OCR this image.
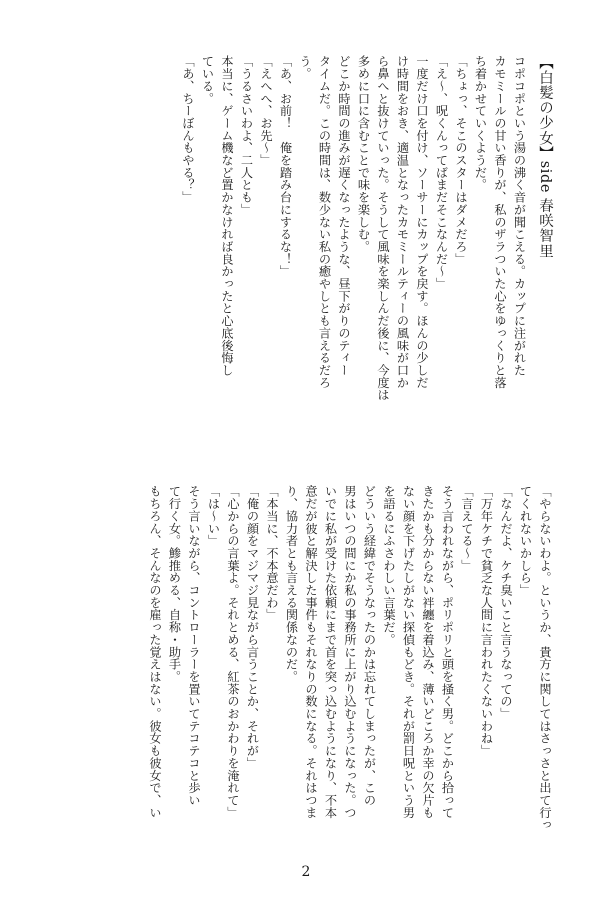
【白髪の少女】side 春咲智里
コポコポという湯の沸く音が聞こえる。カップに注がれた
カモミールの甘い香りが、私のザラついた心をゆっくりと落
ち着かせていくようだ。
「ちょっ、そこのスターはダメだろ」
「え〜、呪くんってばまだそこなんだ〜」
一度だけ口を付け、ソーサーにカップを戻す。ほんの少しだ
け時間をおき、適温となったカモミールティーの風味が口か
ら鼻へと抜けていった。そうして風味を楽しんだ後に、今度は
多めに口に含むことで味を楽しむ。
どこか時間の進みが遅くなったような、昼下がりのティー
タイムだ。この時間は、数少ない私の癒やしとも言えるだろ
う。
「あ、お前！　俺を踏み台にするな！」
「えへへ、お先〜」
「うるさいわよ、二人とも」
本当に、ゲーム機など置かなければ良かったと心底後悔し
ている。
「あ、ちーぼんもやる？」
「やらないわよ。というか、貴方に関してはさっさと出て行っ
てくれないかしら」
「なんだよ、ケチ臭いこと言うなっての」
「万年ケチで貧乏な人間に言われたくないわね」
「言えてる〜」
そう言われながら、ポリポリと頭を掻く男。どこから拾って
きたかも分からない袢纏を着込み、薄いどころか幸の欠片も
ない顔を下げたしがない探偵もどき。それが罰日呪という男
を語るにふさわしい言葉だ。
どういう経緯でそうなったのかは忘れてしまったが、この
男はいつの間にか私の事務所に上がり込むようになった。つ
いでに私が受けた依頼にまで首を突っ込むようになり、不本
意だが彼と解決した事件もそれなりの数になる。それはつま
り、協力者とも言える関係なのだ。
「本当に、不本意だわ」
「俺の顔をマジマジ見ながら言うことか、それが」
「心からの言葉よ。それとめる、紅茶のおかわりを淹れて」
「は〜い」
そう言いながら、コントローラーを置いてテコテコと歩い
て行く女。鯵推める、自称・助手。
もちろん、そんなのを雇った覚えはない。彼女も彼女で、い
2
